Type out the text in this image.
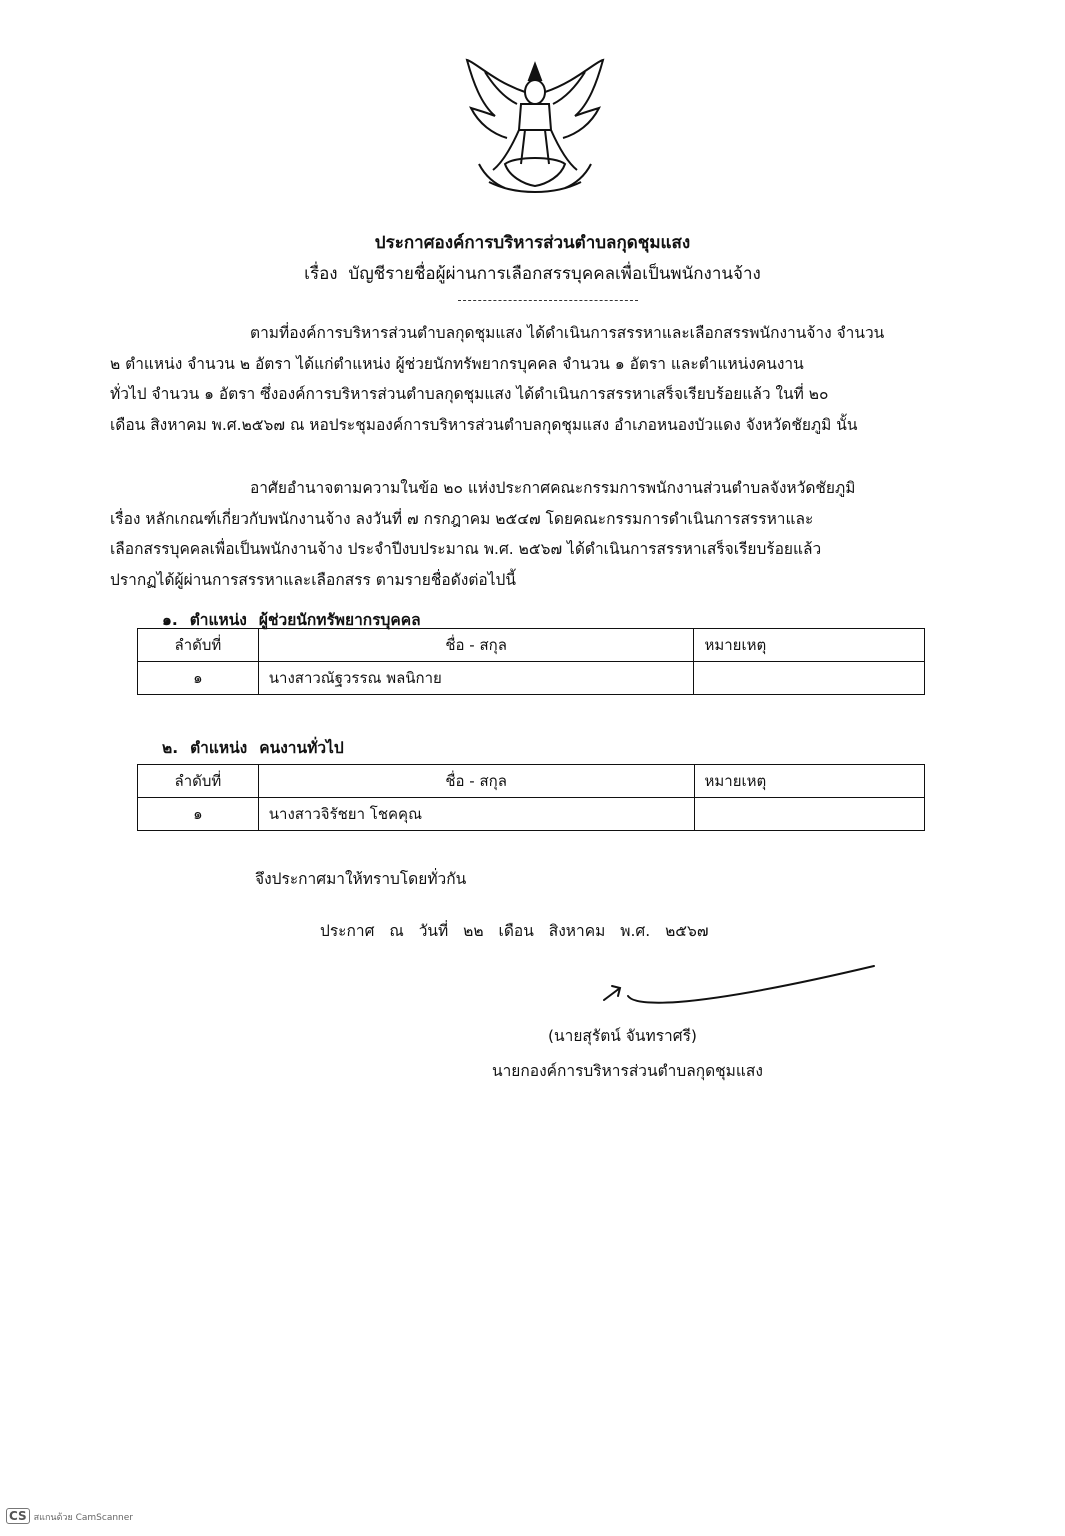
ประกาศองค์การบริหารส่วนตำบลกุดชุมแสง
เรื่อง บัญชีรายชื่อผู้ผ่านการเลือกสรรบุคคลเพื่อเป็นพนักงานจ้าง
ตามที่องค์การบริหารส่วนตำบลกุดชุมแสง ได้ดำเนินการสรรหาและเลือกสรรพนักงานจ้าง จำนวน
๒ ตำแหน่ง จำนวน ๒ อัตรา ได้แก่ตำแหน่ง ผู้ช่วยนักทรัพยากรบุคคล จำนวน ๑ อัตรา และตำแหน่งคนงาน
ทั่วไป จำนวน ๑ อัตรา ซึ่งองค์การบริหารส่วนตำบลกุดชุมแสง ได้ดำเนินการสรรหาเสร็จเรียบร้อยแล้ว ในที่ ๒๐
เดือน สิงหาคม พ.ศ.๒๕๖๗ ณ หอประชุมองค์การบริหารส่วนตำบลกุดชุมแสง อำเภอหนองบัวแดง จังหวัดชัยภูมิ นั้น
อาศัยอำนาจตามความในข้อ ๒๐ แห่งประกาศคณะกรรมการพนักงานส่วนตำบลจังหวัดชัยภูมิ
เรื่อง หลักเกณฑ์เกี่ยวกับพนักงานจ้าง ลงวันที่ ๗ กรกฎาคม ๒๕๔๗ โดยคณะกรรมการดำเนินการสรรหาและ
เลือกสรรบุคคลเพื่อเป็นพนักงานจ้าง ประจำปีงบประมาณ พ.ศ. ๒๕๖๗ ได้ดำเนินการสรรหาเสร็จเรียบร้อยแล้ว
ปรากฏได้ผู้ผ่านการสรรหาและเลือกสรร ตามรายชื่อดังต่อไปนี้
๑. ตำแหน่ง ผู้ช่วยนักทรัพยากรบุคคล
ลำดับที่	ชื่อ - สกุล	หมายเหตุ
๑	นางสาวณัฐวรรณ พลนิกาย	
๒. ตำแหน่ง คนงานทั่วไป
ลำดับที่	ชื่อ - สกุล	หมายเหตุ
๑	นางสาวจิรัชยา โชคคุณ	
จึงประกาศมาให้ทราบโดยทั่วกัน
ประกาศ ณ วันที่ ๒๒ เดือน สิงหาคม พ.ศ. ๒๕๖๗
(นายสุรัตน์ จันทราศรี)
นายกองค์การบริหารส่วนตำบลกุดชุมแสง
CS สแกนด้วย CamScanner
